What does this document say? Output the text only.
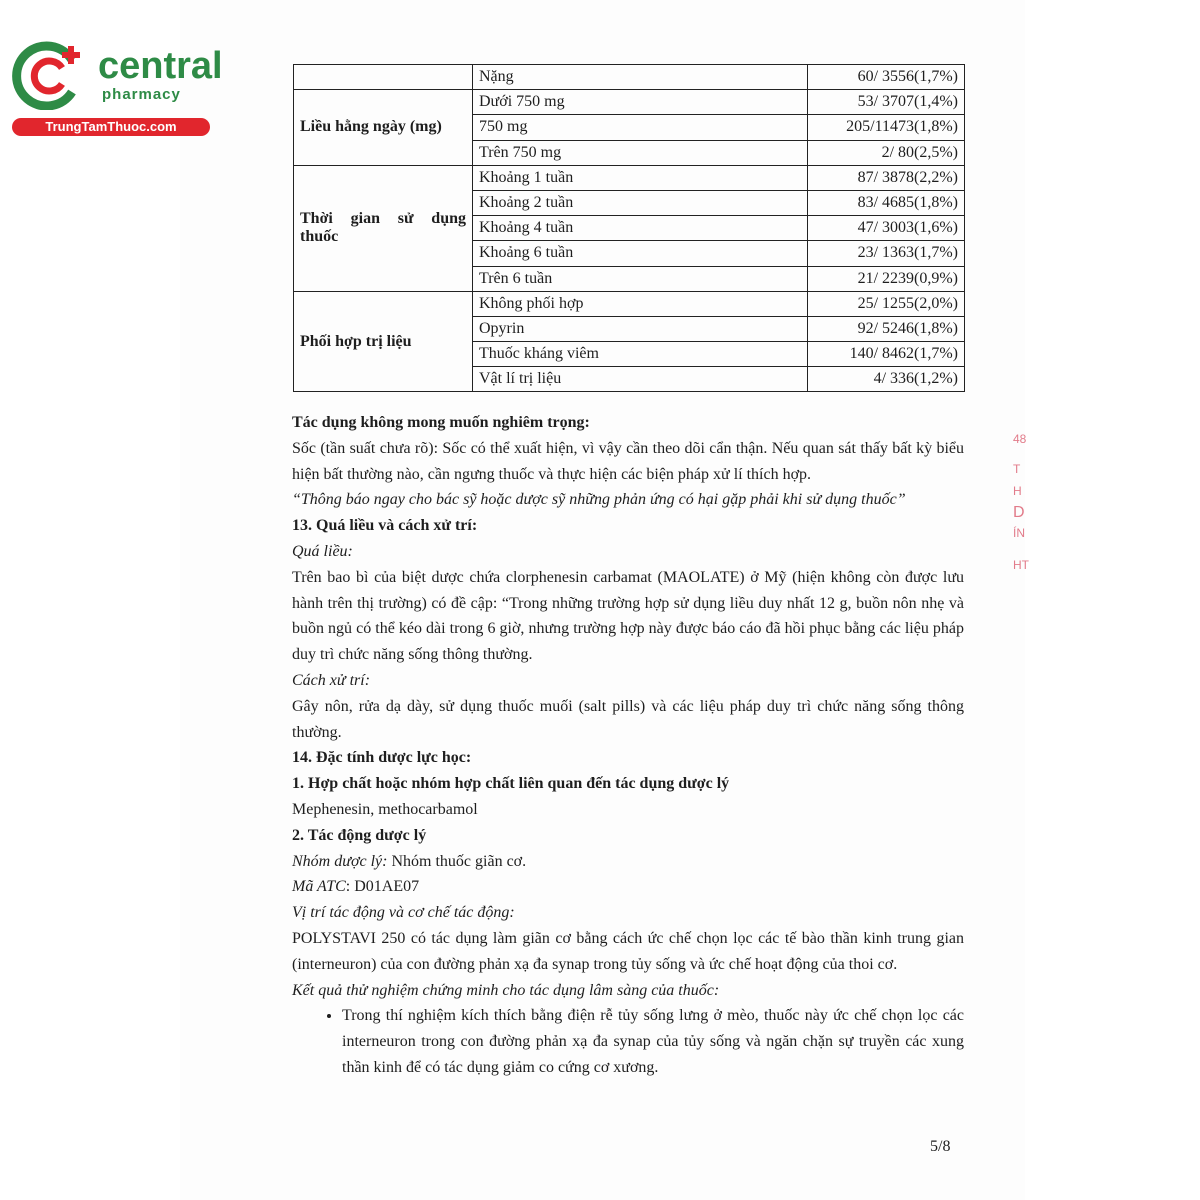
central
pharmacy
TrungTamThuoc.com
	Nặng	60/ 3556(1,7%)
Liều hằng ngày (mg)	Dưới 750 mg	53/ 3707(1,4%)
	750 mg	205/11473(1,8%)
	Trên 750 mg	2/ 80(2,5%)
Thời gian sử dụng thuốc	Khoảng 1 tuần	87/ 3878(2,2%)
	Khoảng 2 tuần	83/ 4685(1,8%)
	Khoảng 4 tuần	47/ 3003(1,6%)
	Khoảng 6 tuần	23/ 1363(1,7%)
	Trên 6 tuần	21/ 2239(0,9%)
Phối hợp trị liệu	Không phối hợp	25/ 1255(2,0%)
	Opyrin	92/ 5246(1,8%)
	Thuốc kháng viêm	140/ 8462(1,7%)
	Vật lí trị liệu	4/ 336(1,2%)

Tác dụng không mong muốn nghiêm trọng:

Sốc (tần suất chưa rõ): Sốc có thể xuất hiện, vì vậy cần theo dõi cẩn thận. Nếu quan sát thấy bất kỳ biểu hiện bất thường nào, cần ngưng thuốc và thực hiện các biện pháp xử lí thích hợp.

“Thông báo ngay cho bác sỹ hoặc dược sỹ những phản ứng có hại gặp phải khi sử dụng thuốc”

13. Quá liều và cách xử trí:

Quá liều:

Trên bao bì của biệt dược chứa clorphenesin carbamat (MAOLATE) ở Mỹ (hiện không còn được lưu hành trên thị trường) có đề cập: “Trong những trường hợp sử dụng liều duy nhất 12 g, buồn nôn nhẹ và buồn ngủ có thể kéo dài trong 6 giờ, nhưng trường hợp này được báo cáo đã hồi phục bằng các liệu pháp duy trì chức năng sống thông thường.

Cách xử trí:

Gây nôn, rửa dạ dày, sử dụng thuốc muối (salt pills) và các liệu pháp duy trì chức năng sống thông thường.

14. Đặc tính dược lực học:

1. Hợp chất hoặc nhóm hợp chất liên quan đến tác dụng dược lý

Mephenesin, methocarbamol

2. Tác động dược lý

Nhóm dược lý: Nhóm thuốc giãn cơ.

Mã ATC: D01AE07

Vị trí tác động và cơ chế tác động:

POLYSTAVI 250 có tác dụng làm giãn cơ bằng cách ức chế chọn lọc các tế bào thần kinh trung gian (interneuron) của con đường phản xạ đa synap trong tủy sống và ức chế hoạt động của thoi cơ.

Kết quả thử nghiệm chứng minh cho tác dụng lâm sàng của thuốc:

• Trong thí nghiệm kích thích bằng điện rễ tủy sống lưng ở mèo, thuốc này ức chế chọn lọc các interneuron trong con đường phản xạ đa synap của tủy sống và ngăn chặn sự truyền các xung thần kinh để có tác dụng giảm co cứng cơ xương.
5/8
48
T
H
D
ÍN
HT
